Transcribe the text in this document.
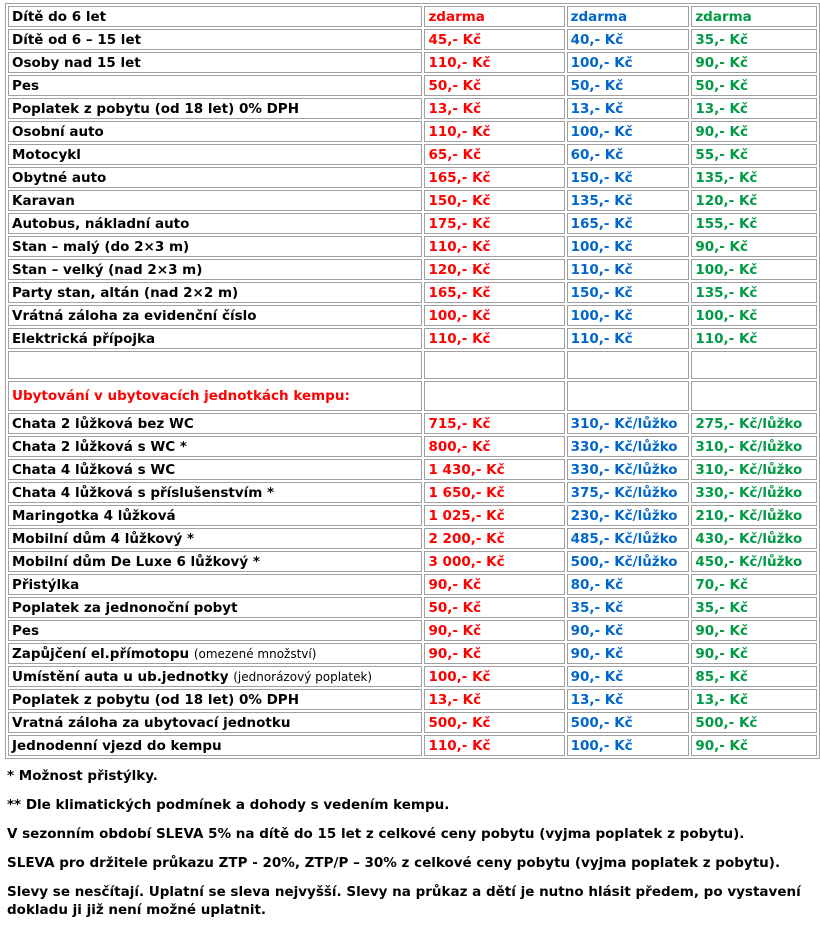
Dítě do 6 let	zdarma	zdarma	zdarma
Dítě od 6 – 15 let	45,- Kč	40,- Kč	35,- Kč
Osoby nad 15 let	110,- Kč	100,- Kč	90,- Kč
Pes	50,- Kč	50,- Kč	50,- Kč
Poplatek z pobytu (od 18 let) 0% DPH	13,- Kč	13,- Kč	13,- Kč
Osobní auto	110,- Kč	100,- Kč	90,- Kč
Motocykl	65,- Kč	60,- Kč	55,- Kč
Obytné auto	165,- Kč	150,- Kč	135,- Kč
Karavan	150,- Kč	135,- Kč	120,- Kč
Autobus, nákladní auto	175,- Kč	165,- Kč	155,- Kč
Stan – malý (do 2×3 m)	110,- Kč	100,- Kč	90,- Kč
Stan – velký (nad 2×3 m)	120,- Kč	110,- Kč	100,- Kč
Party stan, altán (nad 2×2 m)	165,- Kč	150,- Kč	135,- Kč
Vrátná záloha za evidenční číslo	100,- Kč	100,- Kč	100,- Kč
Elektrická přípojka	110,- Kč	110,- Kč	110,- Kč

Ubytování v ubytovacích jednotkách kempu:			
Chata 2 lůžková bez WC	715,- Kč	310,- Kč/lůžko	275,- Kč/lůžko
Chata 2 lůžková s WC *	800,- Kč	330,- Kč/lůžko	310,- Kč/lůžko
Chata 4 lůžková s WC	1 430,- Kč	330,- Kč/lůžko	310,- Kč/lůžko
Chata 4 lůžková s příslušenstvím *	1 650,- Kč	375,- Kč/lůžko	330,- Kč/lůžko
Maringotka 4 lůžková	1 025,- Kč	230,- Kč/lůžko	210,- Kč/lůžko
Mobilní dům 4 lůžkový *	2 200,- Kč	485,- Kč/lůžko	430,- Kč/lůžko
Mobilní dům De Luxe 6 lůžkový *	3 000,- Kč	500,- Kč/lůžko	450,- Kč/lůžko
Přistýlka	90,- Kč	80,- Kč	70,- Kč
Poplatek za jednonoční pobyt	50,- Kč	35,- Kč	35,- Kč
Pes	90,- Kč	90,- Kč	90,- Kč
Zapůjčení el.přímotopu (omezené množství)	90,- Kč	90,- Kč	90,- Kč
Umístění auta u ub.jednotky (jednorázový poplatek)	100,- Kč	90,- Kč	85,- Kč
Poplatek z pobytu (od 18 let) 0% DPH	13,- Kč	13,- Kč	13,- Kč
Vratná záloha za ubytovací jednotku	500,- Kč	500,- Kč	500,- Kč
Jednodenní vjezd do kempu	110,- Kč	100,- Kč	90,- Kč

* Možnost přistýlky.

** Dle klimatických podmínek a dohody s vedením kempu.

V sezonním období SLEVA 5% na dítě do 15 let z celkové ceny pobytu (vyjma poplatek z pobytu).

SLEVA pro držitele průkazu ZTP - 20%, ZTP/P – 30% z celkové ceny pobytu (vyjma poplatek z pobytu).

Slevy se nesčítají. Uplatní se sleva nejvyšší. Slevy na průkaz a dětí je nutno hlásit předem, po vystavení dokladu ji již není možné uplatnit.
